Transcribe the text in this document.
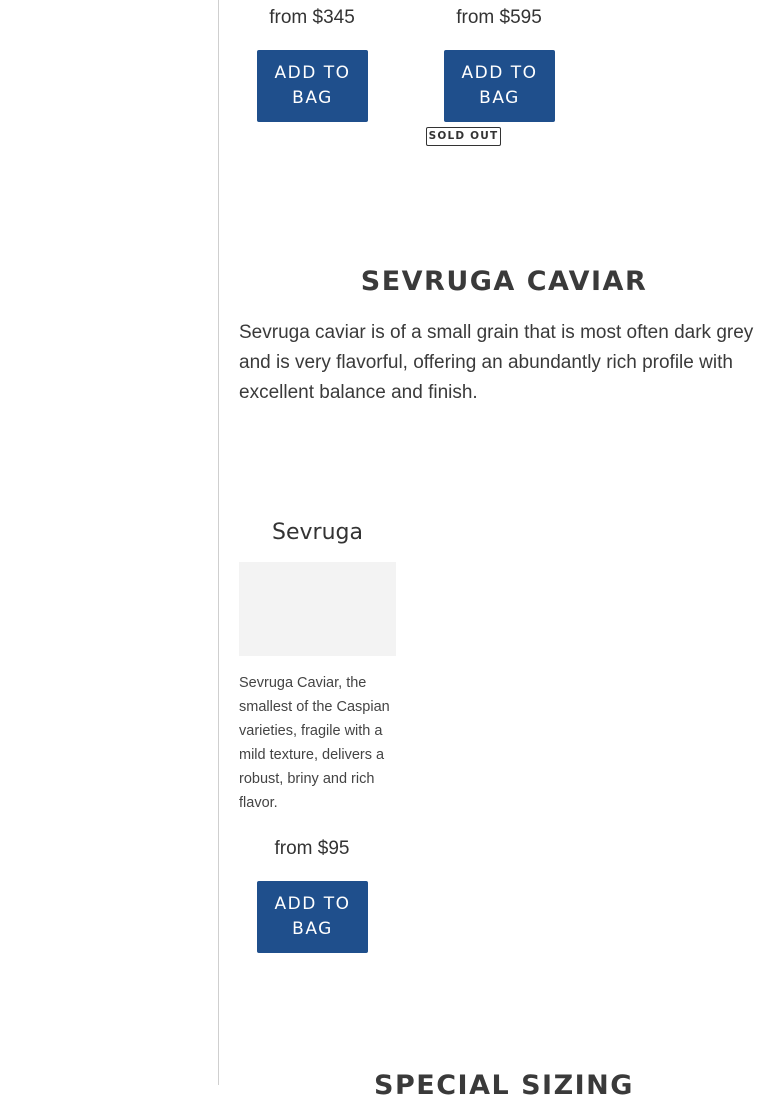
from $345	from $595
ADD TO BAG
ADD TO BAG
SOLD OUT
SEVRUGA CAVIAR
Sevruga caviar is of a small grain that is most often dark grey and is very flavorful, offering an abundantly rich profile with excellent balance and finish.
Sevruga
Sevruga Caviar, the smallest of the Caspian varieties, fragile with a mild texture, delivers a robust, briny and rich flavor.
from $95
ADD TO BAG
SPECIAL SIZING
